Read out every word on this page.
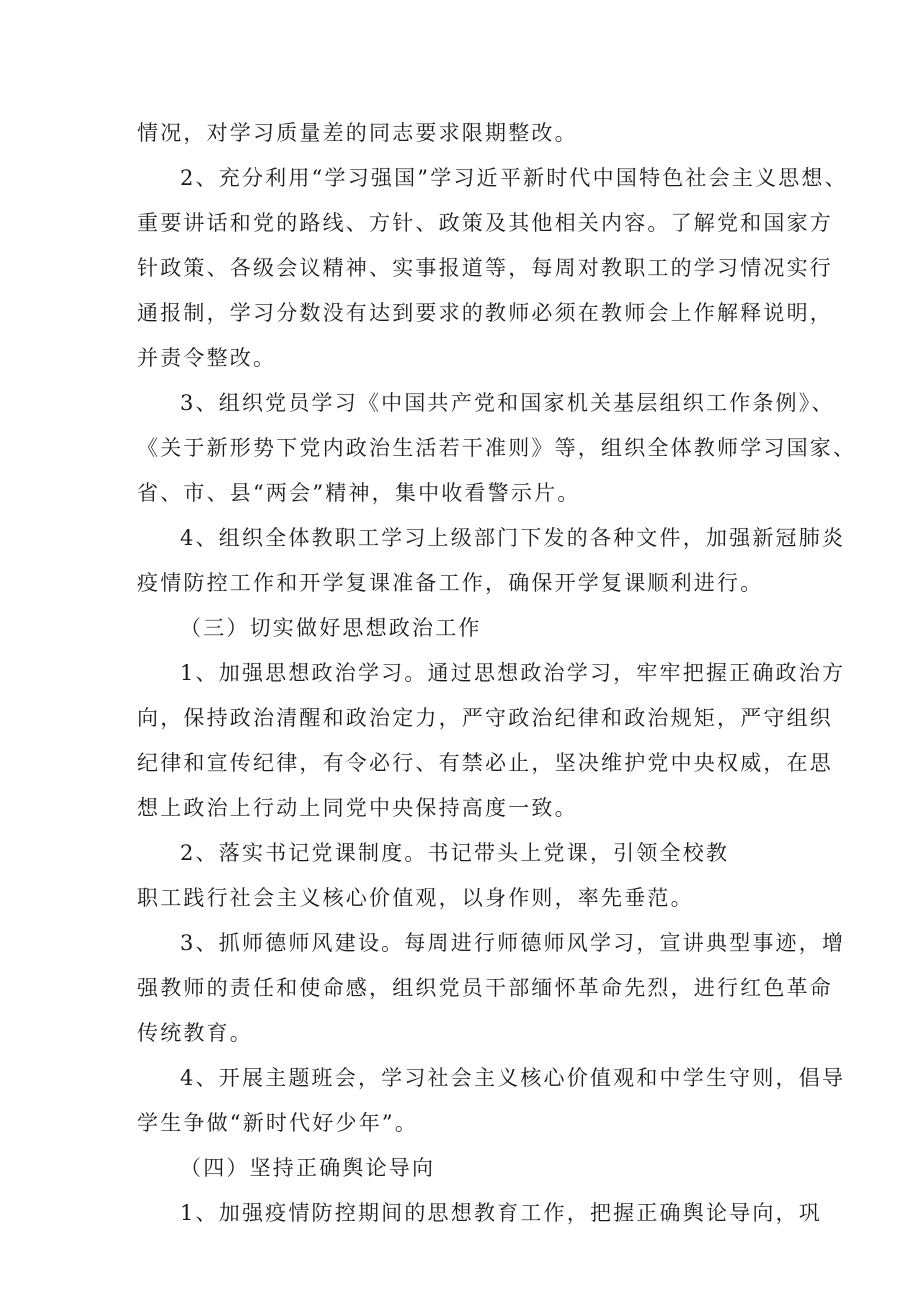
情况，对学习质量差的同志要求限期整改。
2、充分利用“学习强国”学习近平新时代中国特色社会主义思想、
重要讲话和党的路线、方针、政策及其他相关内容。了解党和国家方
针政策、各级会议精神、实事报道等，每周对教职工的学习情况实行
通报制，学习分数没有达到要求的教师必须在教师会上作解释说明，
并责令整改。
3、组织党员学习《中国共产党和国家机关基层组织工作条例》、
《关于新形势下党内政治生活若干准则》等，组织全体教师学习国家、
省、市、县“两会”精神，集中收看警示片。
4、组织全体教职工学习上级部门下发的各种文件，加强新冠肺炎
疫情防控工作和开学复课准备工作，确保开学复课顺利进行。
（三）切实做好思想政治工作
1、加强思想政治学习。通过思想政治学习，牢牢把握正确政治方
向，保持政治清醒和政治定力，严守政治纪律和政治规矩，严守组织
纪律和宣传纪律，有令必行、有禁必止，坚决维护党中央权威，在思
想上政治上行动上同党中央保持高度一致。
2、落实书记党课制度。书记带头上党课，引领全校教
职工践行社会主义核心价值观，以身作则，率先垂范。
3、抓师德师风建设。每周进行师德师风学习，宣讲典型事迹，增
强教师的责任和使命感，组织党员干部缅怀革命先烈，进行红色革命
传统教育。
4、开展主题班会，学习社会主义核心价值观和中学生守则，倡导
学生争做“新时代好少年”。
（四）坚持正确舆论导向
1、加强疫情防控期间的思想教育工作，把握正确舆论导向，巩
